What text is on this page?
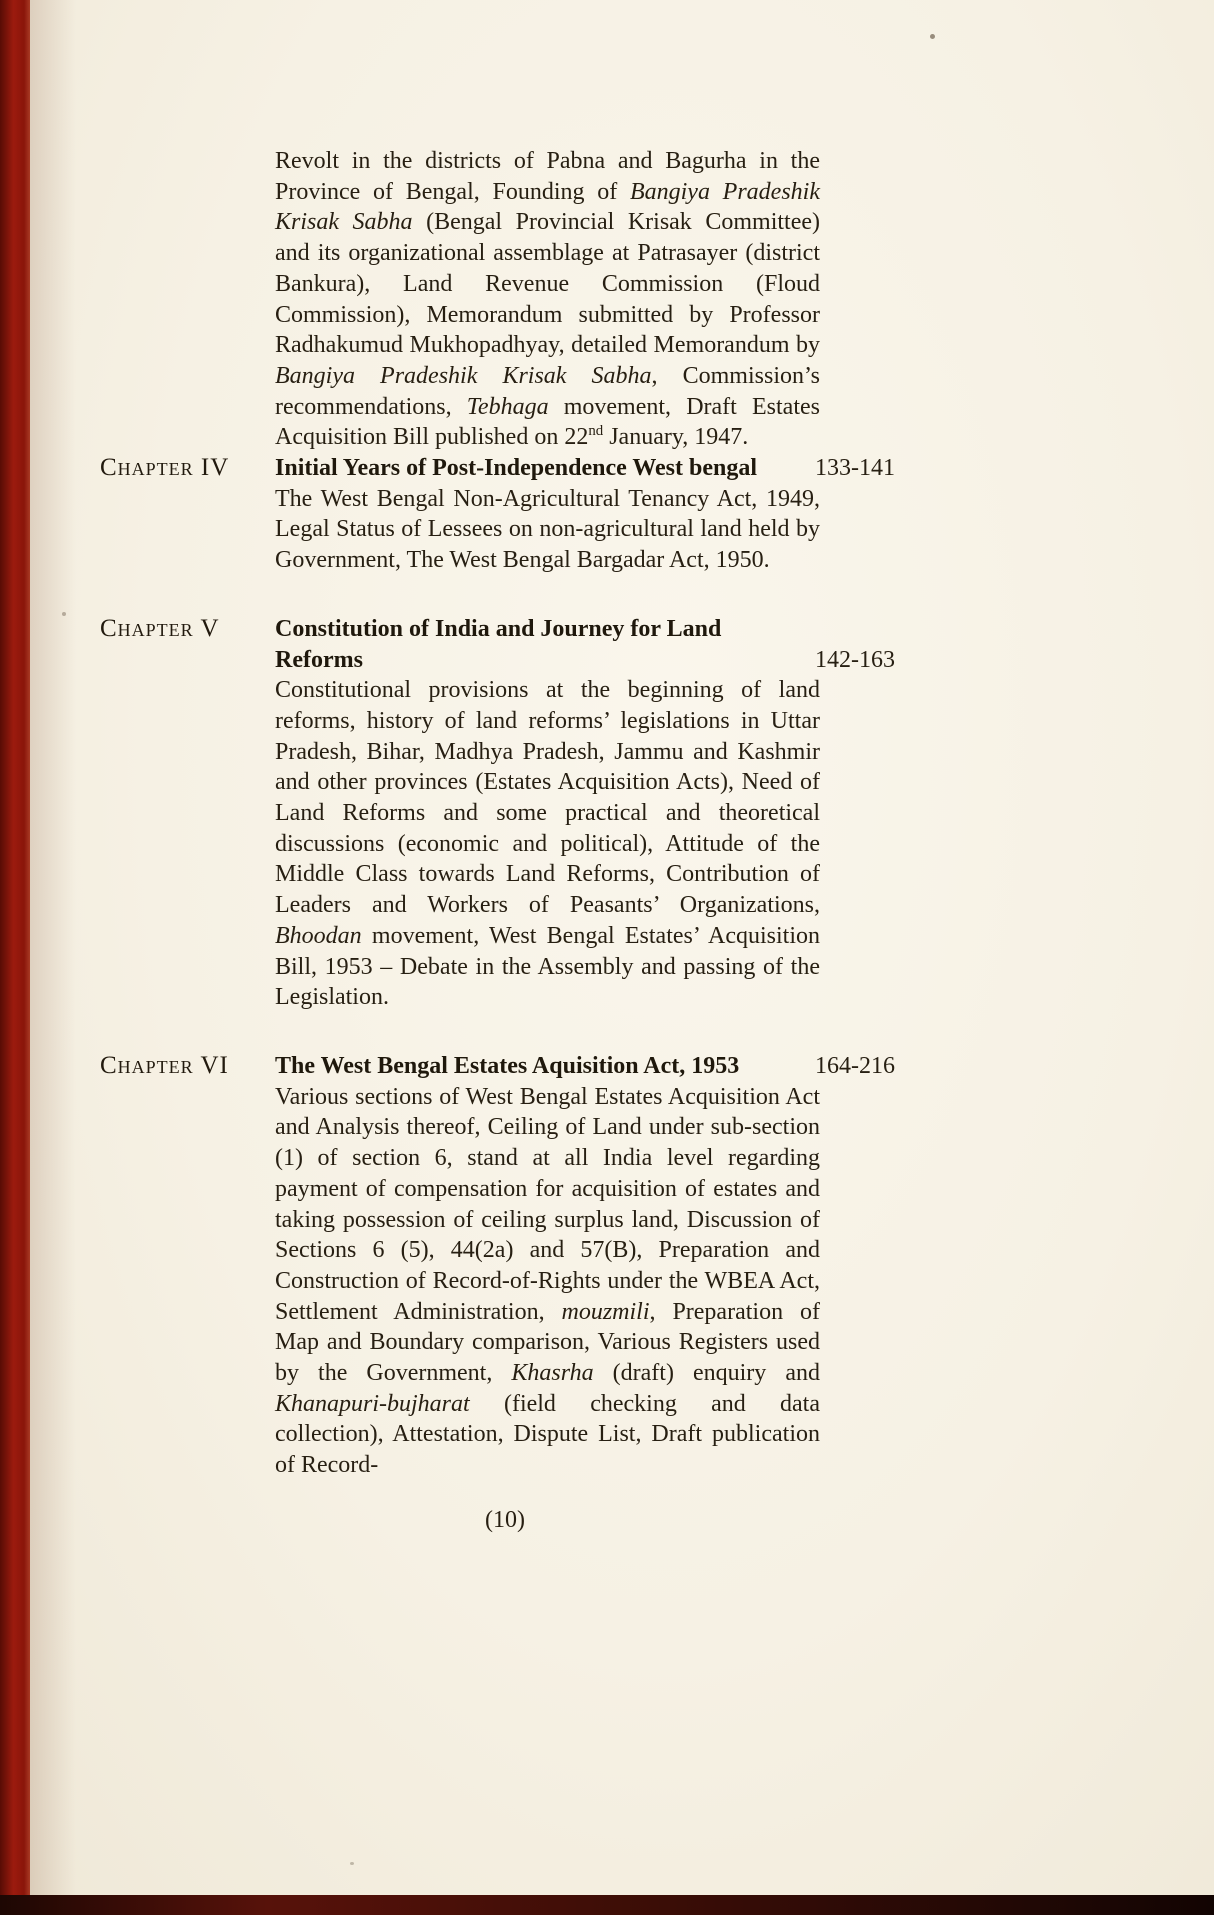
Revolt in the districts of Pabna and Bagurha in the Province of Bengal, Founding of Bangiya Pradeshik Krisak Sabha (Bengal Provincial Krisak Committee) and its organizational assemblage at Patrasayer (district Bankura), Land Revenue Commission (Floud Commission), Memorandum submitted by Professor Radhakumud Mukhopadhyay, detailed Memorandum by Bangiya Pradeshik Krisak Sabha, Commission’s recommendations, Tebhaga movement, Draft Estates Acquisition Bill published on 22nd January, 1947.

Chapter IV	Initial Years of Post-Independence West bengal	133-141

The West Bengal Non-Agricultural Tenancy Act, 1949, Legal Status of Lessees on non-agricultural land held by Government, The West Bengal Bargadar Act, 1950.

Chapter V	Constitution of India and Journey for Land Reforms	142-163

Constitutional provisions at the beginning of land reforms, history of land reforms’ legislations in Uttar Pradesh, Bihar, Madhya Pradesh, Jammu and Kashmir and other provinces (Estates Acquisition Acts), Need of Land Reforms and some practical and theoretical discussions (economic and political), Attitude of the Middle Class towards Land Reforms, Contribution of Leaders and Workers of Peasants’ Organizations, Bhoodan movement, West Bengal Estates’ Acquisition Bill, 1953 – Debate in the Assembly and passing of the Legislation.

Chapter VI	The West Bengal Estates Aquisition Act, 1953	164-216

Various sections of West Bengal Estates Acquisition Act and Analysis thereof, Ceiling of Land under sub-section (1) of section 6, stand at all India level regarding payment of compensation for acquisition of estates and taking possession of ceiling surplus land, Discussion of Sections 6 (5), 44(2a) and 57(B), Preparation and Construction of Record-of-Rights under the WBEA Act, Settlement Administration, mouzmili, Preparation of Map and Boundary comparison, Various Registers used by the Government, Khasrha (draft) enquiry and Khanapuri-bujharat (field checking and data collection), Attestation, Dispute List, Draft publication of Record-

(10)
